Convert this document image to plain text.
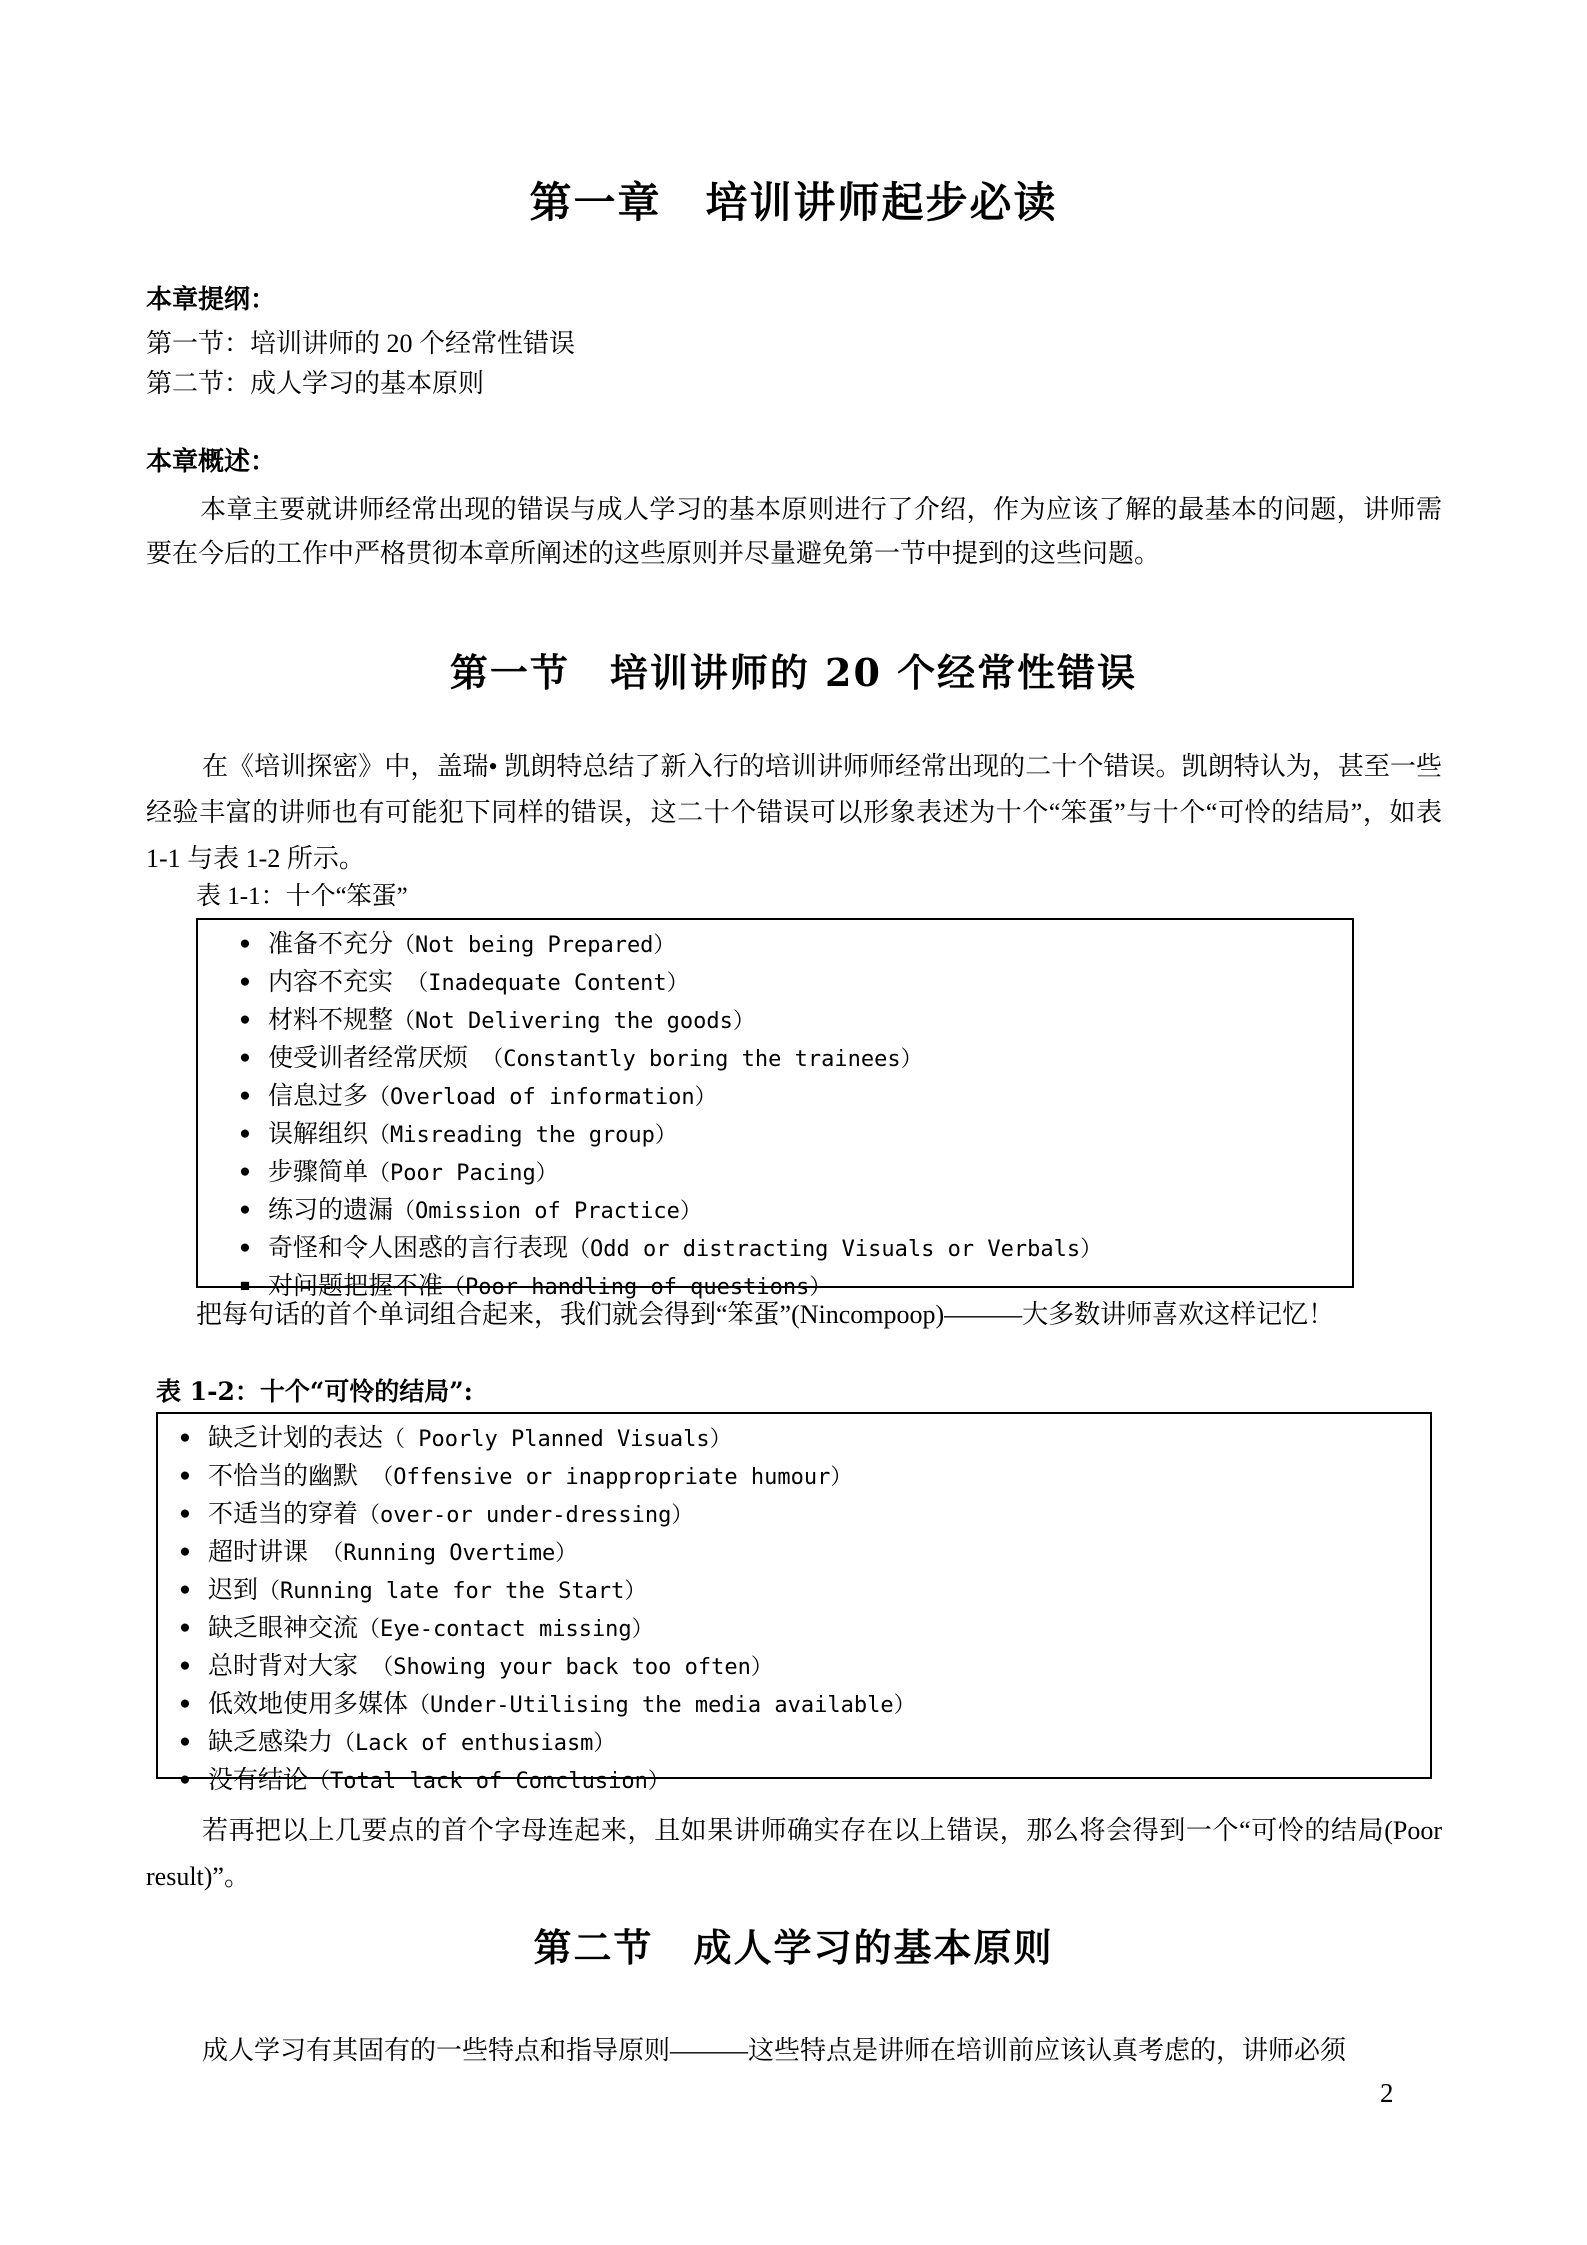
第一章　培训讲师起步必读
本章提纲：
第一节：培训讲师的 20 个经常性错误
第二节：成人学习的基本原则
本章概述：
本章主要就讲师经常出现的错误与成人学习的基本原则进行了介绍，作为应该了解的最基本的问题，讲师需要在今后的工作中严格贯彻本章所阐述的这些原则并尽量避免第一节中提到的这些问题。
第一节　培训讲师的 20 个经常性错误

在《培训探密》中，盖瑞• 凯朗特总结了新入行的培训讲师师经常出现的二十个错误。凯朗特认为，甚至一些经验丰富的讲师也有可能犯下同样的错误，这二十个错误可以形象表述为十个“笨蛋”与十个“可怜的结局”，如表 1-1 与表 1-2 所示。

表 1-1：十个“笨蛋”
● 准备不充分（Not being Prepared）
● 内容不充实 （Inadequate Content）
● 材料不规整（Not Delivering the goods）
● 使受训者经常厌烦 （Constantly boring the trainees）
● 信息过多（Overload of information）
● 误解组织（Misreading the group）
● 步骤简单（Poor Pacing）
● 练习的遗漏（Omission of Practice）
● 奇怪和令人困惑的言行表现（Odd or distracting Visuals or Verbals）
■ 对问题把握不准（Poor handling of questions）
把每句话的首个单词组合起来，我们就会得到“笨蛋”(Nincompoop)———大多数讲师喜欢这样记忆！
表 1-2：十个“可怜的结局”:
● 缺乏计划的表达（ Poorly Planned Visuals）
● 不恰当的幽默 （Offensive or inappropriate humour）
● 不适当的穿着（over-or under-dressing）
● 超时讲课 （Running Overtime）
● 迟到（Running late for the Start）
● 缺乏眼神交流（Eye-contact missing）
● 总时背对大家 （Showing your back too often）
● 低效地使用多媒体（Under-Utilising the media available）
● 缺乏感染力（Lack of enthusiasm）
● 没有结论（Total lack of Conclusion）

若再把以上几要点的首个字母连起来，且如果讲师确实存在以上错误，那么将会得到一个“可怜的结局(Poor result)”。

第二节　成人学习的基本原则

成人学习有其固有的一些特点和指导原则———这些特点是讲师在培训前应该认真考虑的，讲师必须

2
